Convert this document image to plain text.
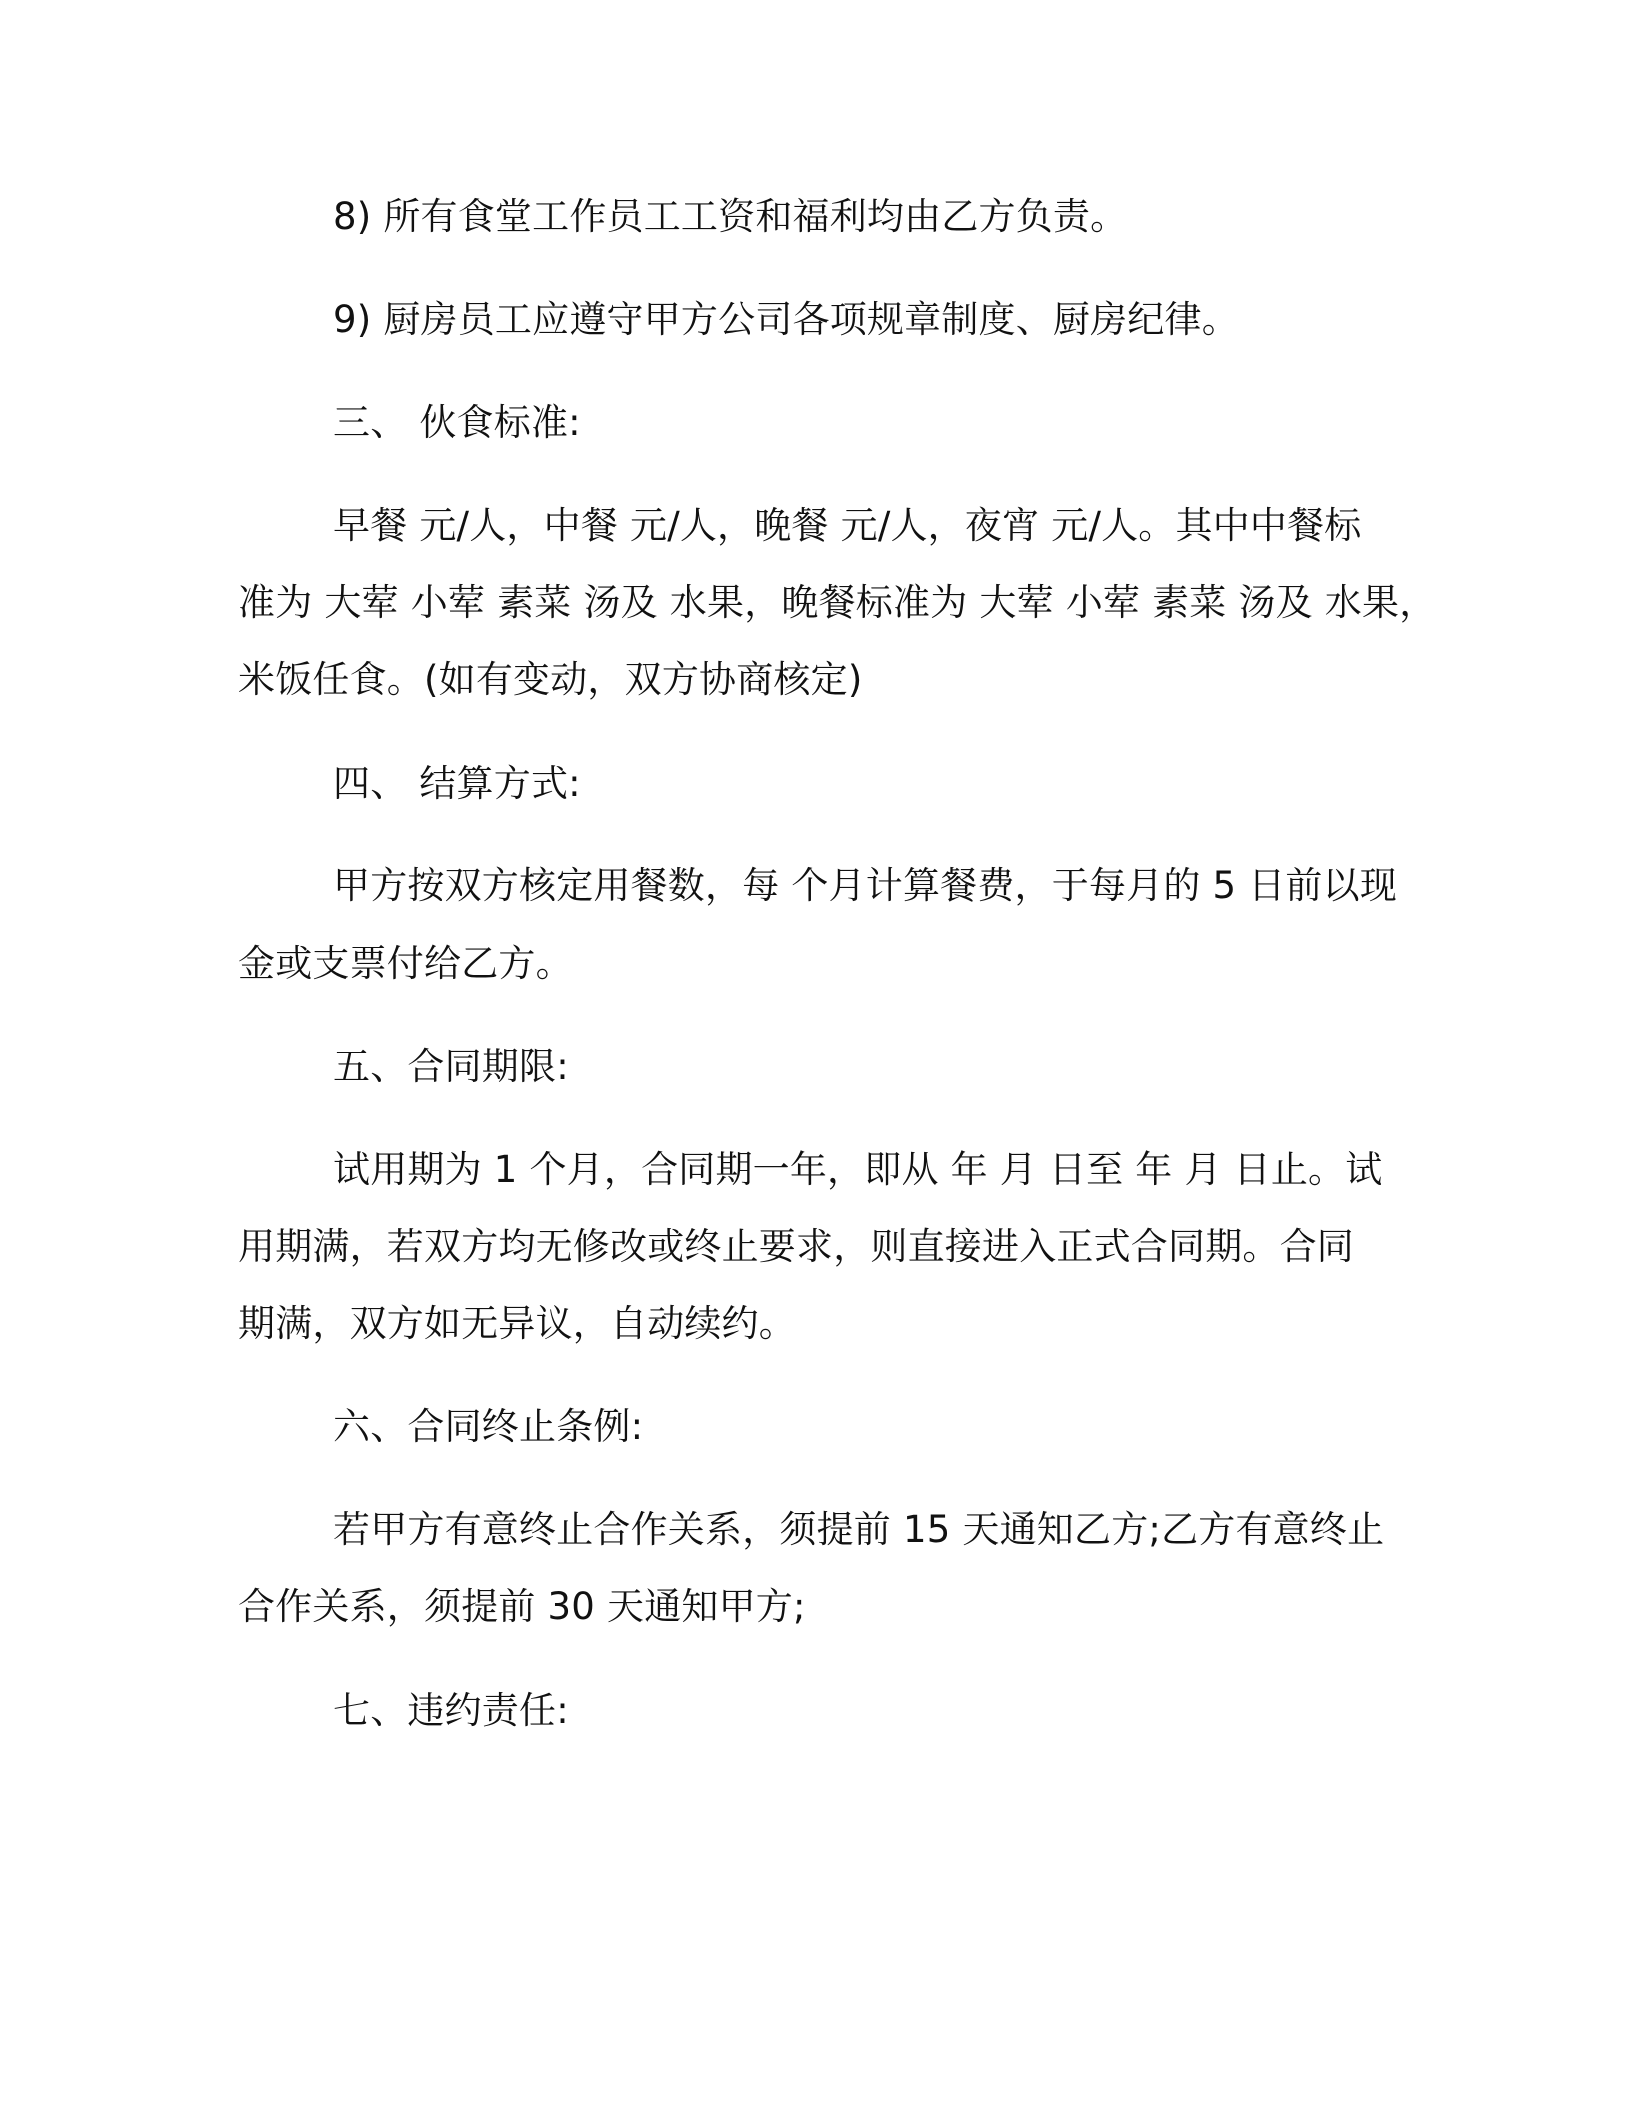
8) 所有食堂工作员工工资和福利均由乙方负责。

9) 厨房员工应遵守甲方公司各项规章制度、厨房纪律。

三、 伙食标准:

早餐 元/人，中餐 元/人，晚餐 元/人，夜宵 元/人。其中中餐标

准为 大荤 小荤 素菜 汤及 水果，晚餐标准为 大荤 小荤 素菜 汤及 水果，

米饭任食。(如有变动，双方协商核定)

四、 结算方式:

甲方按双方核定用餐数，每 个月计算餐费，于每月的 5 日前以现

金或支票付给乙方。

五、合同期限:

试用期为 1 个月，合同期一年，即从 年 月 日至 年 月 日止。试

用期满，若双方均无修改或终止要求，则直接进入正式合同期。合同

期满，双方如无异议，自动续约。

六、合同终止条例:

若甲方有意终止合作关系，须提前 15 天通知乙方;乙方有意终止

合作关系，须提前 30 天通知甲方;

七、违约责任:
